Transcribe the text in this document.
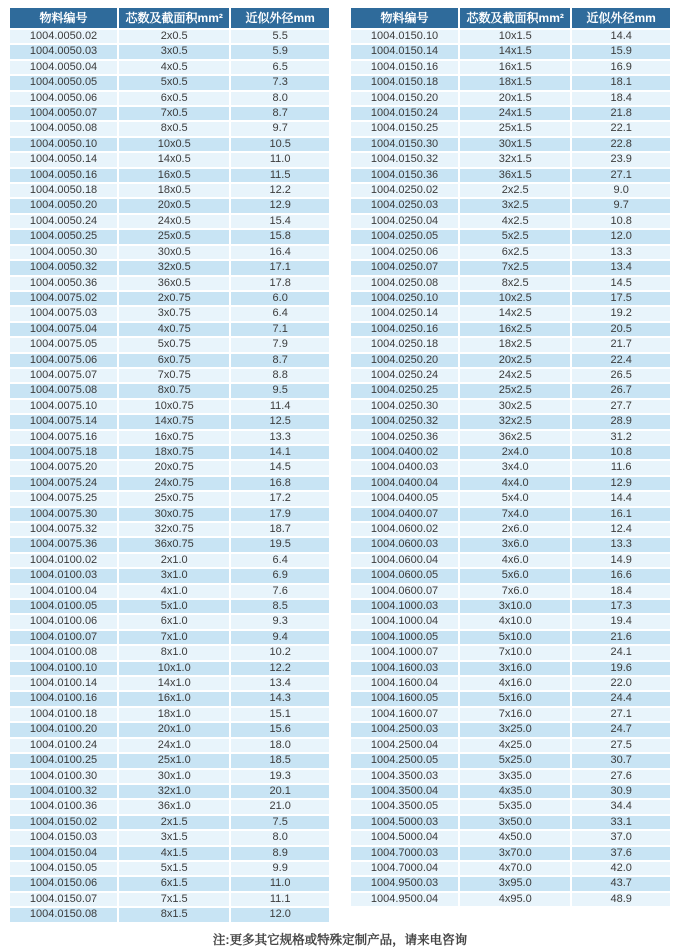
物料编号	芯数及截面积mm²	近似外径mm
1004.0050.02	2x0.5	5.5
1004.0050.03	3x0.5	5.9
1004.0050.04	4x0.5	6.5
1004.0050.05	5x0.5	7.3
1004.0050.06	6x0.5	8.0
1004.0050.07	7x0.5	8.7
1004.0050.08	8x0.5	9.7
1004.0050.10	10x0.5	10.5
1004.0050.14	14x0.5	11.0
1004.0050.16	16x0.5	11.5
1004.0050.18	18x0.5	12.2
1004.0050.20	20x0.5	12.9
1004.0050.24	24x0.5	15.4
1004.0050.25	25x0.5	15.8
1004.0050.30	30x0.5	16.4
1004.0050.32	32x0.5	17.1
1004.0050.36	36x0.5	17.8
1004.0075.02	2x0.75	6.0
1004.0075.03	3x0.75	6.4
1004.0075.04	4x0.75	7.1
1004.0075.05	5x0.75	7.9
1004.0075.06	6x0.75	8.7
1004.0075.07	7x0.75	8.8
1004.0075.08	8x0.75	9.5
1004.0075.10	10x0.75	11.4
1004.0075.14	14x0.75	12.5
1004.0075.16	16x0.75	13.3
1004.0075.18	18x0.75	14.1
1004.0075.20	20x0.75	14.5
1004.0075.24	24x0.75	16.8
1004.0075.25	25x0.75	17.2
1004.0075.30	30x0.75	17.9
1004.0075.32	32x0.75	18.7
1004.0075.36	36x0.75	19.5
1004.0100.02	2x1.0	6.4
1004.0100.03	3x1.0	6.9
1004.0100.04	4x1.0	7.6
1004.0100.05	5x1.0	8.5
1004.0100.06	6x1.0	9.3
1004.0100.07	7x1.0	9.4
1004.0100.08	8x1.0	10.2
1004.0100.10	10x1.0	12.2
1004.0100.14	14x1.0	13.4
1004.0100.16	16x1.0	14.3
1004.0100.18	18x1.0	15.1
1004.0100.20	20x1.0	15.6
1004.0100.24	24x1.0	18.0
1004.0100.25	25x1.0	18.5
1004.0100.30	30x1.0	19.3
1004.0100.32	32x1.0	20.1
1004.0100.36	36x1.0	21.0
1004.0150.02	2x1.5	7.5
1004.0150.03	3x1.5	8.0
1004.0150.04	4x1.5	8.9
1004.0150.05	5x1.5	9.9
1004.0150.06	6x1.5	11.0
1004.0150.07	7x1.5	11.1
1004.0150.08	8x1.5	12.0
物料编号	芯数及截面积mm²	近似外径mm
1004.0150.10	10x1.5	14.4
1004.0150.14	14x1.5	15.9
1004.0150.16	16x1.5	16.9
1004.0150.18	18x1.5	18.1
1004.0150.20	20x1.5	18.4
1004.0150.24	24x1.5	21.8
1004.0150.25	25x1.5	22.1
1004.0150.30	30x1.5	22.8
1004.0150.32	32x1.5	23.9
1004.0150.36	36x1.5	27.1
1004.0250.02	2x2.5	9.0
1004.0250.03	3x2.5	9.7
1004.0250.04	4x2.5	10.8
1004.0250.05	5x2.5	12.0
1004.0250.06	6x2.5	13.3
1004.0250.07	7x2.5	13.4
1004.0250.08	8x2.5	14.5
1004.0250.10	10x2.5	17.5
1004.0250.14	14x2.5	19.2
1004.0250.16	16x2.5	20.5
1004.0250.18	18x2.5	21.7
1004.0250.20	20x2.5	22.4
1004.0250.24	24x2.5	26.5
1004.0250.25	25x2.5	26.7
1004.0250.30	30x2.5	27.7
1004.0250.32	32x2.5	28.9
1004.0250.36	36x2.5	31.2
1004.0400.02	2x4.0	10.8
1004.0400.03	3x4.0	11.6
1004.0400.04	4x4.0	12.9
1004.0400.05	5x4.0	14.4
1004.0400.07	7x4.0	16.1
1004.0600.02	2x6.0	12.4
1004.0600.03	3x6.0	13.3
1004.0600.04	4x6.0	14.9
1004.0600.05	5x6.0	16.6
1004.0600.07	7x6.0	18.4
1004.1000.03	3x10.0	17.3
1004.1000.04	4x10.0	19.4
1004.1000.05	5x10.0	21.6
1004.1000.07	7x10.0	24.1
1004.1600.03	3x16.0	19.6
1004.1600.04	4x16.0	22.0
1004.1600.05	5x16.0	24.4
1004.1600.07	7x16.0	27.1
1004.2500.03	3x25.0	24.7
1004.2500.04	4x25.0	27.5
1004.2500.05	5x25.0	30.7
1004.3500.03	3x35.0	27.6
1004.3500.04	4x35.0	30.9
1004.3500.05	5x35.0	34.4
1004.5000.03	3x50.0	33.1
1004.5000.04	4x50.0	37.0
1004.7000.03	3x70.0	37.6
1004.7000.04	4x70.0	42.0
1004.9500.03	3x95.0	43.7
1004.9500.04	4x95.0	48.9
注:更多其它规格或特殊定制产品，请来电咨询
